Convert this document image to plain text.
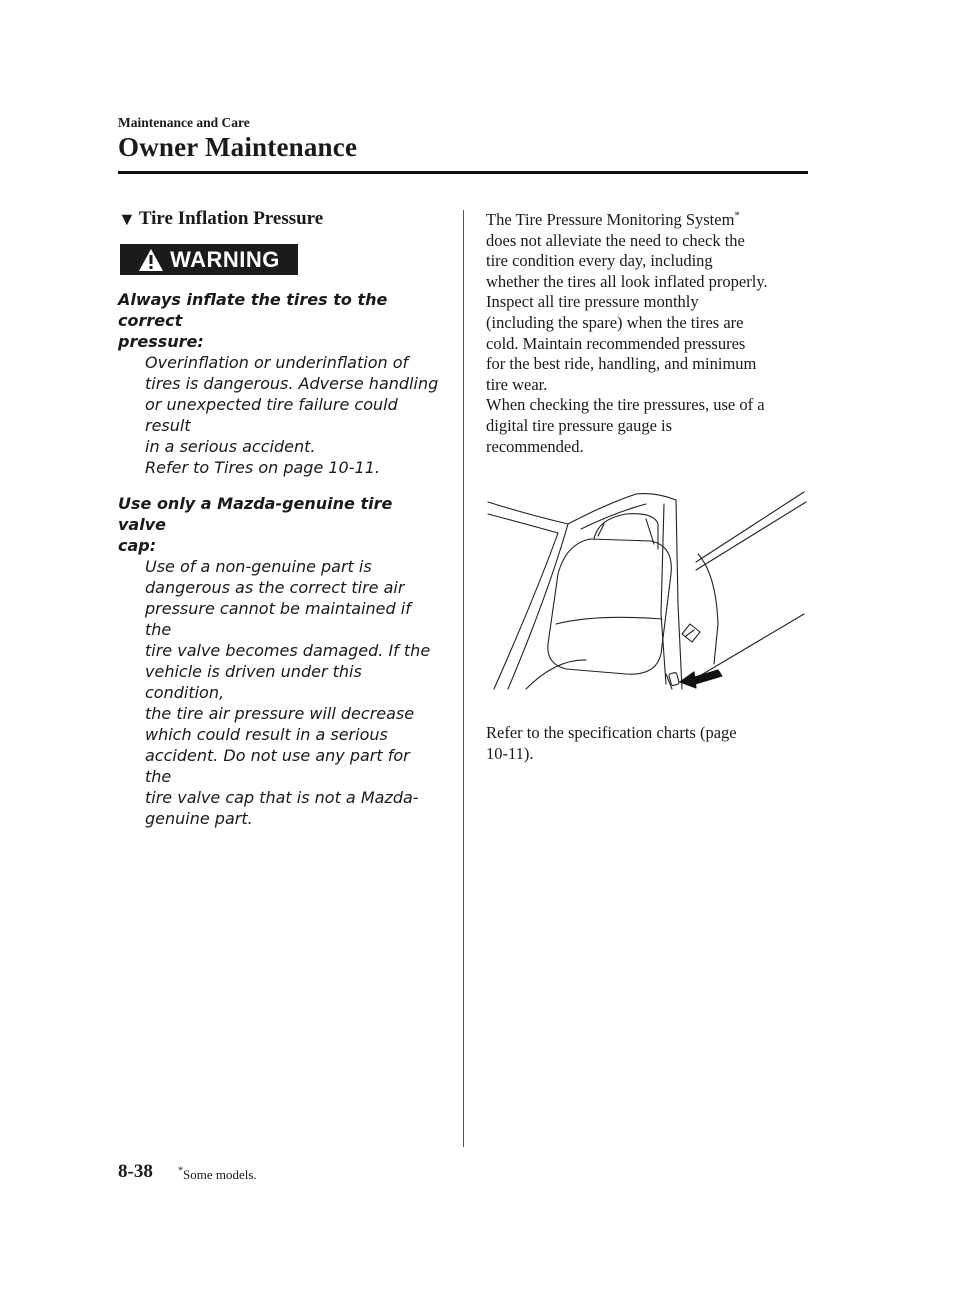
Maintenance and Care
Owner Maintenance
▼ Tire Inflation Pressure
WARNING
Always inflate the tires to the correct
pressure:
Overinflation or underinflation of
tires is dangerous. Adverse handling
or unexpected tire failure could result
in a serious accident.
Refer to Tires on page 10-11.
Use only a Mazda-genuine tire valve
cap:
Use of a non-genuine part is
dangerous as the correct tire air
pressure cannot be maintained if the
tire valve becomes damaged. If the
vehicle is driven under this condition,
the tire air pressure will decrease
which could result in a serious
accident. Do not use any part for the
tire valve cap that is not a Mazda-
genuine part.

The Tire Pressure Monitoring System*

does not alleviate the need to check the

tire condition every day, including

whether the tires all look inflated properly.

Inspect all tire pressure monthly

(including the spare) when the tires are

cold. Maintain recommended pressures

for the best ride, handling, and minimum

tire wear.

When checking the tire pressures, use of a

digital tire pressure gauge is

recommended.

Refer to the specification charts (page
10-11).
8-38	*Some models.
